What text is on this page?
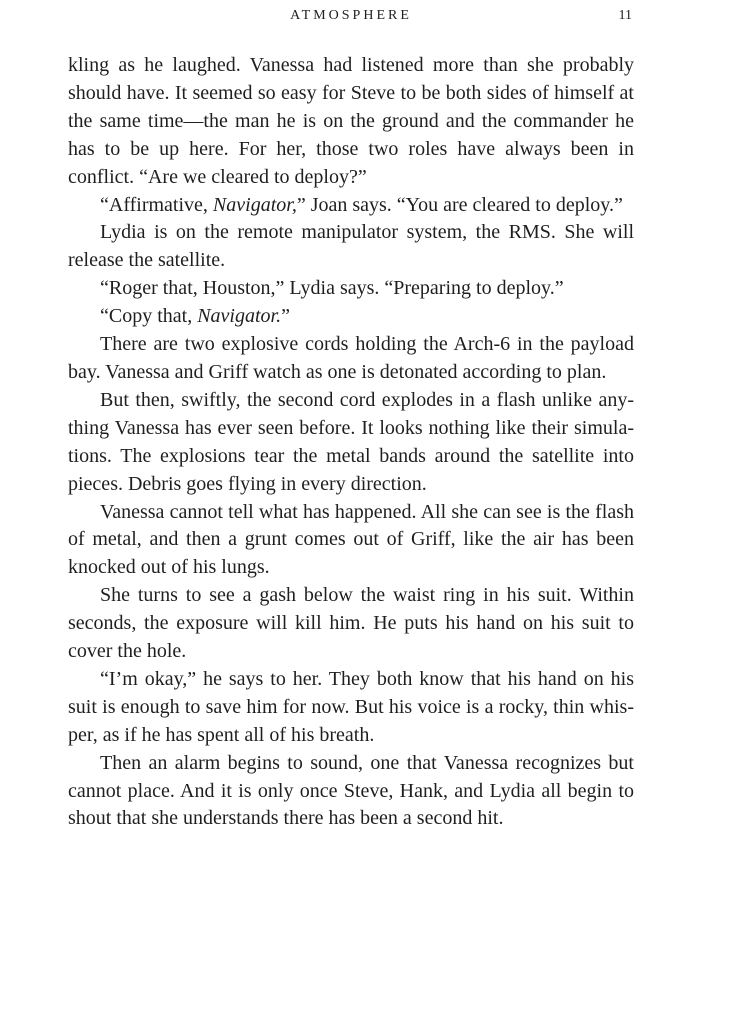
ATMOSPHERE	11

kling as he laughed. Vanessa had listened more than she probably should have. It seemed so easy for Steve to be both sides of himself at the same time—the man he is on the ground and the commander he has to be up here. For her, those two roles have always been in conflict. “Are we cleared to deploy?”

“Affirmative, Navigator,” Joan says. “You are cleared to deploy.”

Lydia is on the remote manipulator system, the RMS. She will release the satellite.

“Roger that, Houston,” Lydia says. “Preparing to deploy.”

“Copy that, Navigator.”

There are two explosive cords holding the Arch-6 in the payload bay. Vanessa and Griff watch as one is detonated according to plan.

But then, swiftly, the second cord explodes in a flash unlike anything Vanessa has ever seen before. It looks nothing like their simulations. The explosions tear the metal bands around the satellite into pieces. Debris goes flying in every direction.

Vanessa cannot tell what has happened. All she can see is the flash of metal, and then a grunt comes out of Griff, like the air has been knocked out of his lungs.

She turns to see a gash below the waist ring in his suit. Within seconds, the exposure will kill him. He puts his hand on his suit to cover the hole.

“I’m okay,” he says to her. They both know that his hand on his suit is enough to save him for now. But his voice is a rocky, thin whisper, as if he has spent all of his breath.

Then an alarm begins to sound, one that Vanessa recognizes but cannot place. And it is only once Steve, Hank, and Lydia all begin to shout that she understands there has been a second hit.
